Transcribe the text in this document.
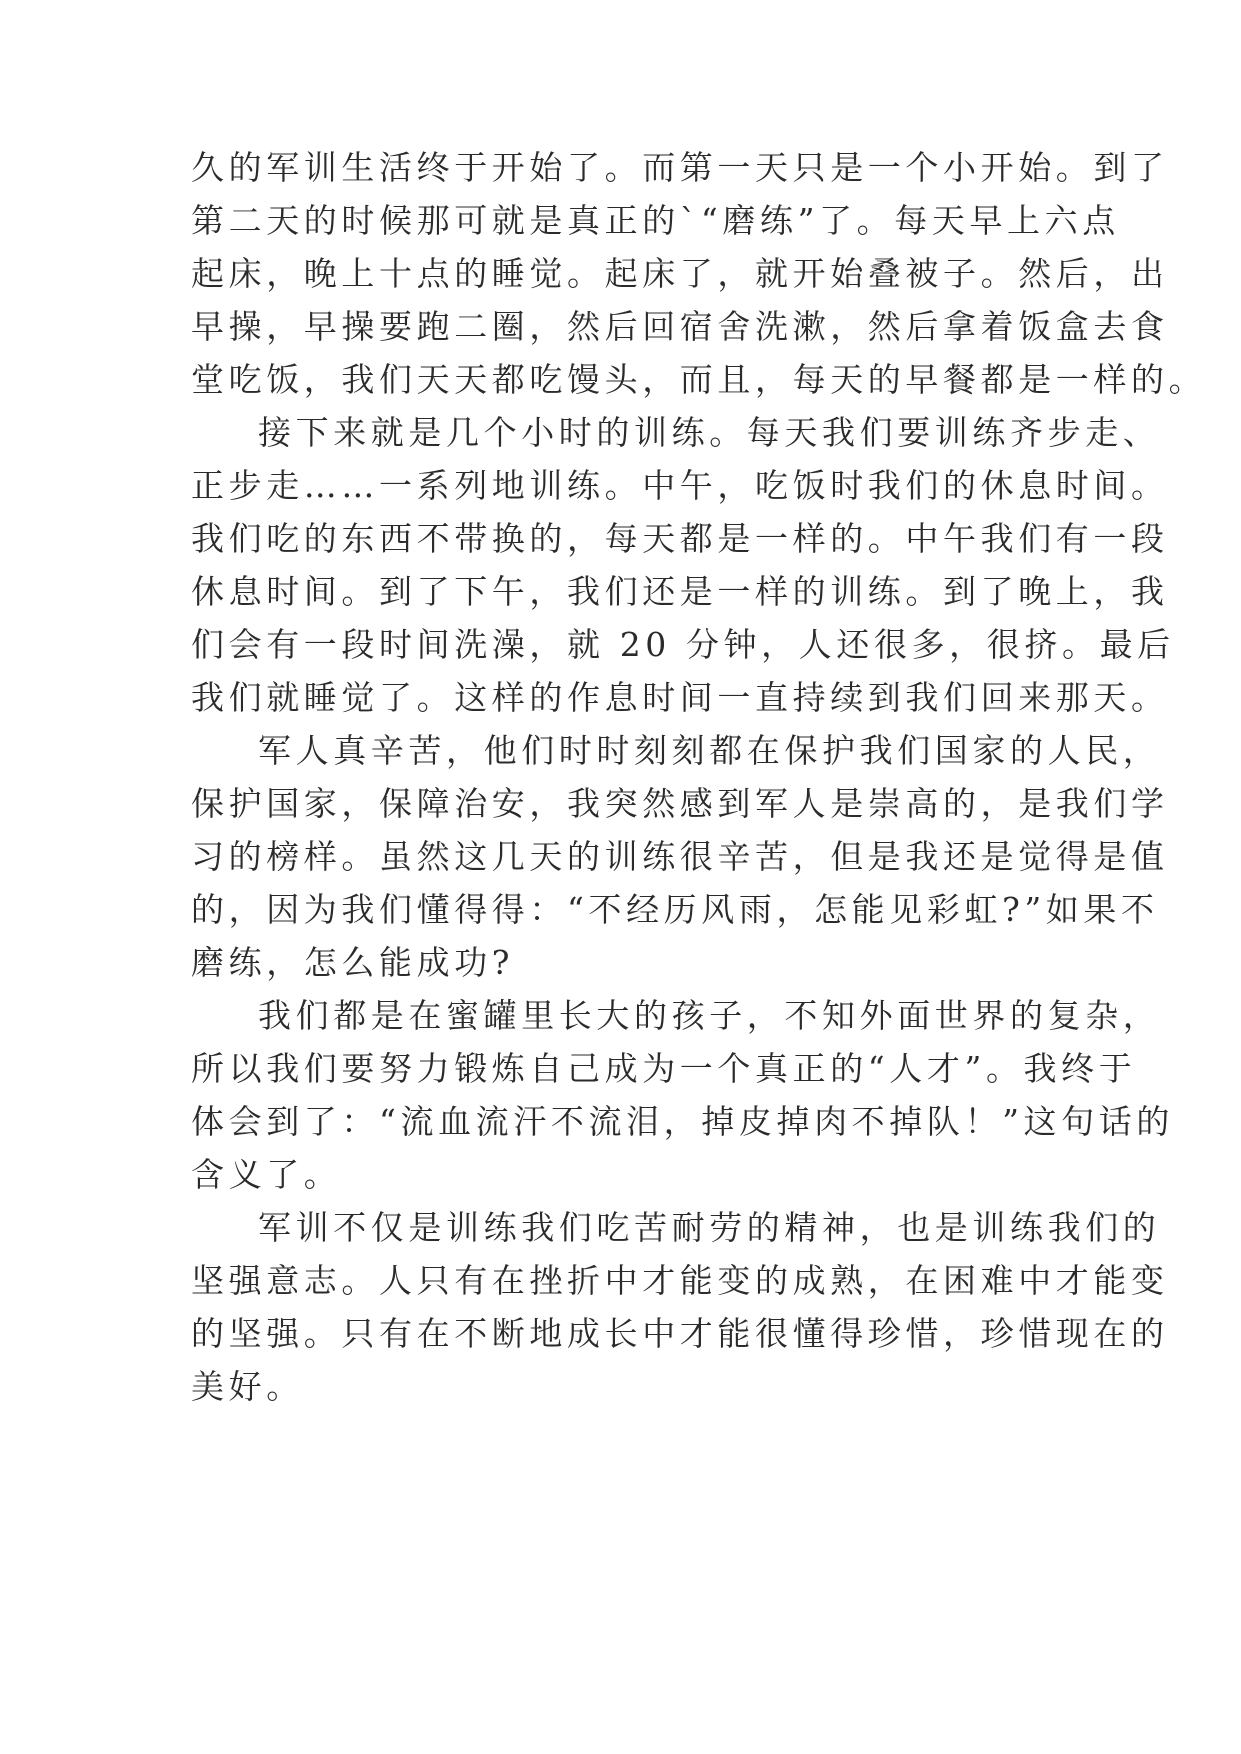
久的军训生活终于开始了。而第一天只是一个小开始。到了
第二天的时候那可就是真正的`“磨练”了。每天早上六点
起床，晚上十点的睡觉。起床了，就开始叠被子。然后，出
早操，早操要跑二圈，然后回宿舍洗漱，然后拿着饭盒去食
堂吃饭，我们天天都吃馒头，而且，每天的早餐都是一样的。
接下来就是几个小时的训练。每天我们要训练齐步走、
正步走……一系列地训练。中午，吃饭时我们的休息时间。
我们吃的东西不带换的，每天都是一样的。中午我们有一段
休息时间。到了下午，我们还是一样的训练。到了晚上，我
们会有一段时间洗澡，就 20 分钟，人还很多，很挤。最后
我们就睡觉了。这样的作息时间一直持续到我们回来那天。
军人真辛苦，他们时时刻刻都在保护我们国家的人民，
保护国家，保障治安，我突然感到军人是崇高的，是我们学
习的榜样。虽然这几天的训练很辛苦，但是我还是觉得是值
的，因为我们懂得得：“不经历风雨，怎能见彩虹?”如果不
磨练，怎么能成功?
我们都是在蜜罐里长大的孩子，不知外面世界的复杂，
所以我们要努力锻炼自己成为一个真正的“人才”。我终于
体会到了：“流血流汗不流泪，掉皮掉肉不掉队！”这句话的
含义了。
军训不仅是训练我们吃苦耐劳的精神，也是训练我们的
坚强意志。人只有在挫折中才能变的成熟，在困难中才能变
的坚强。只有在不断地成长中才能很懂得珍惜，珍惜现在的
美好。
